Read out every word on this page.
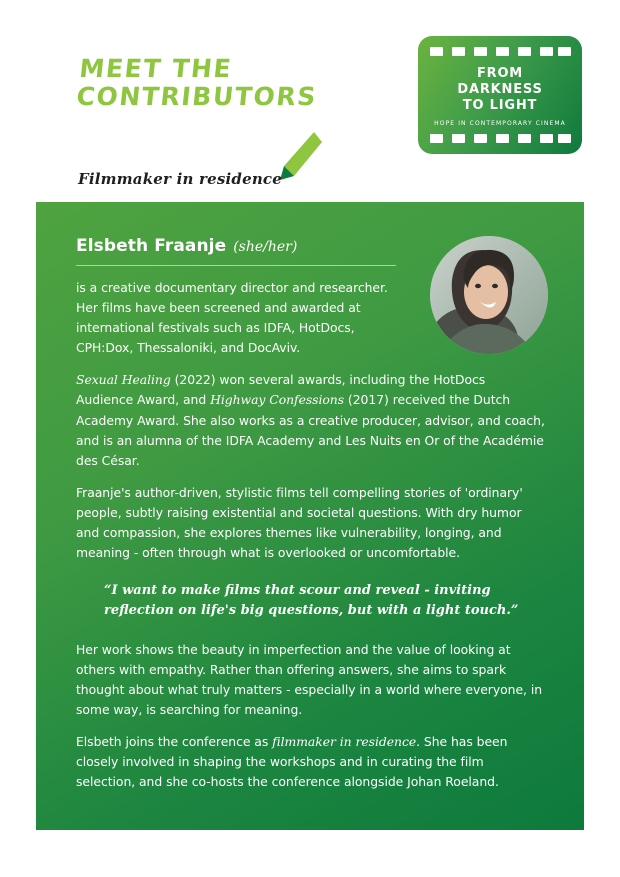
MEET THE
CONTRIBUTORS
FROM
DARKNESS
TO LIGHT
HOPE IN CONTEMPORARY CINEMA
Filmmaker in residence
Elsbeth Fraanje (she/her)
is a creative documentary director and researcher. Her films have been screened and awarded at international festivals such as IDFA, HotDocs, CPH:Dox, Thessaloniki, and DocAviv.
Sexual Healing (2022) won several awards, including the HotDocs Audience Award, and Highway Confessions (2017) received the Dutch Academy Award. She also works as a creative producer, advisor, and coach, and is an alumna of the IDFA Academy and Les Nuits en Or of the Académie des César.
Fraanje's author-driven, stylistic films tell compelling stories of 'ordinary' people, subtly raising existential and societal questions. With dry humor and compassion, she explores themes like vulnerability, longing, and meaning - often through what is overlooked or uncomfortable.
“I want to make films that scour and reveal - inviting reflection on life's big questions, but with a light touch.”
Her work shows the beauty in imperfection and the value of looking at others with empathy. Rather than offering answers, she aims to spark thought about what truly matters - especially in a world where everyone, in some way, is searching for meaning.
Elsbeth joins the conference as filmmaker in residence. She has been closely involved in shaping the workshops and in curating the film selection, and she co-hosts the conference alongside Johan Roeland.
